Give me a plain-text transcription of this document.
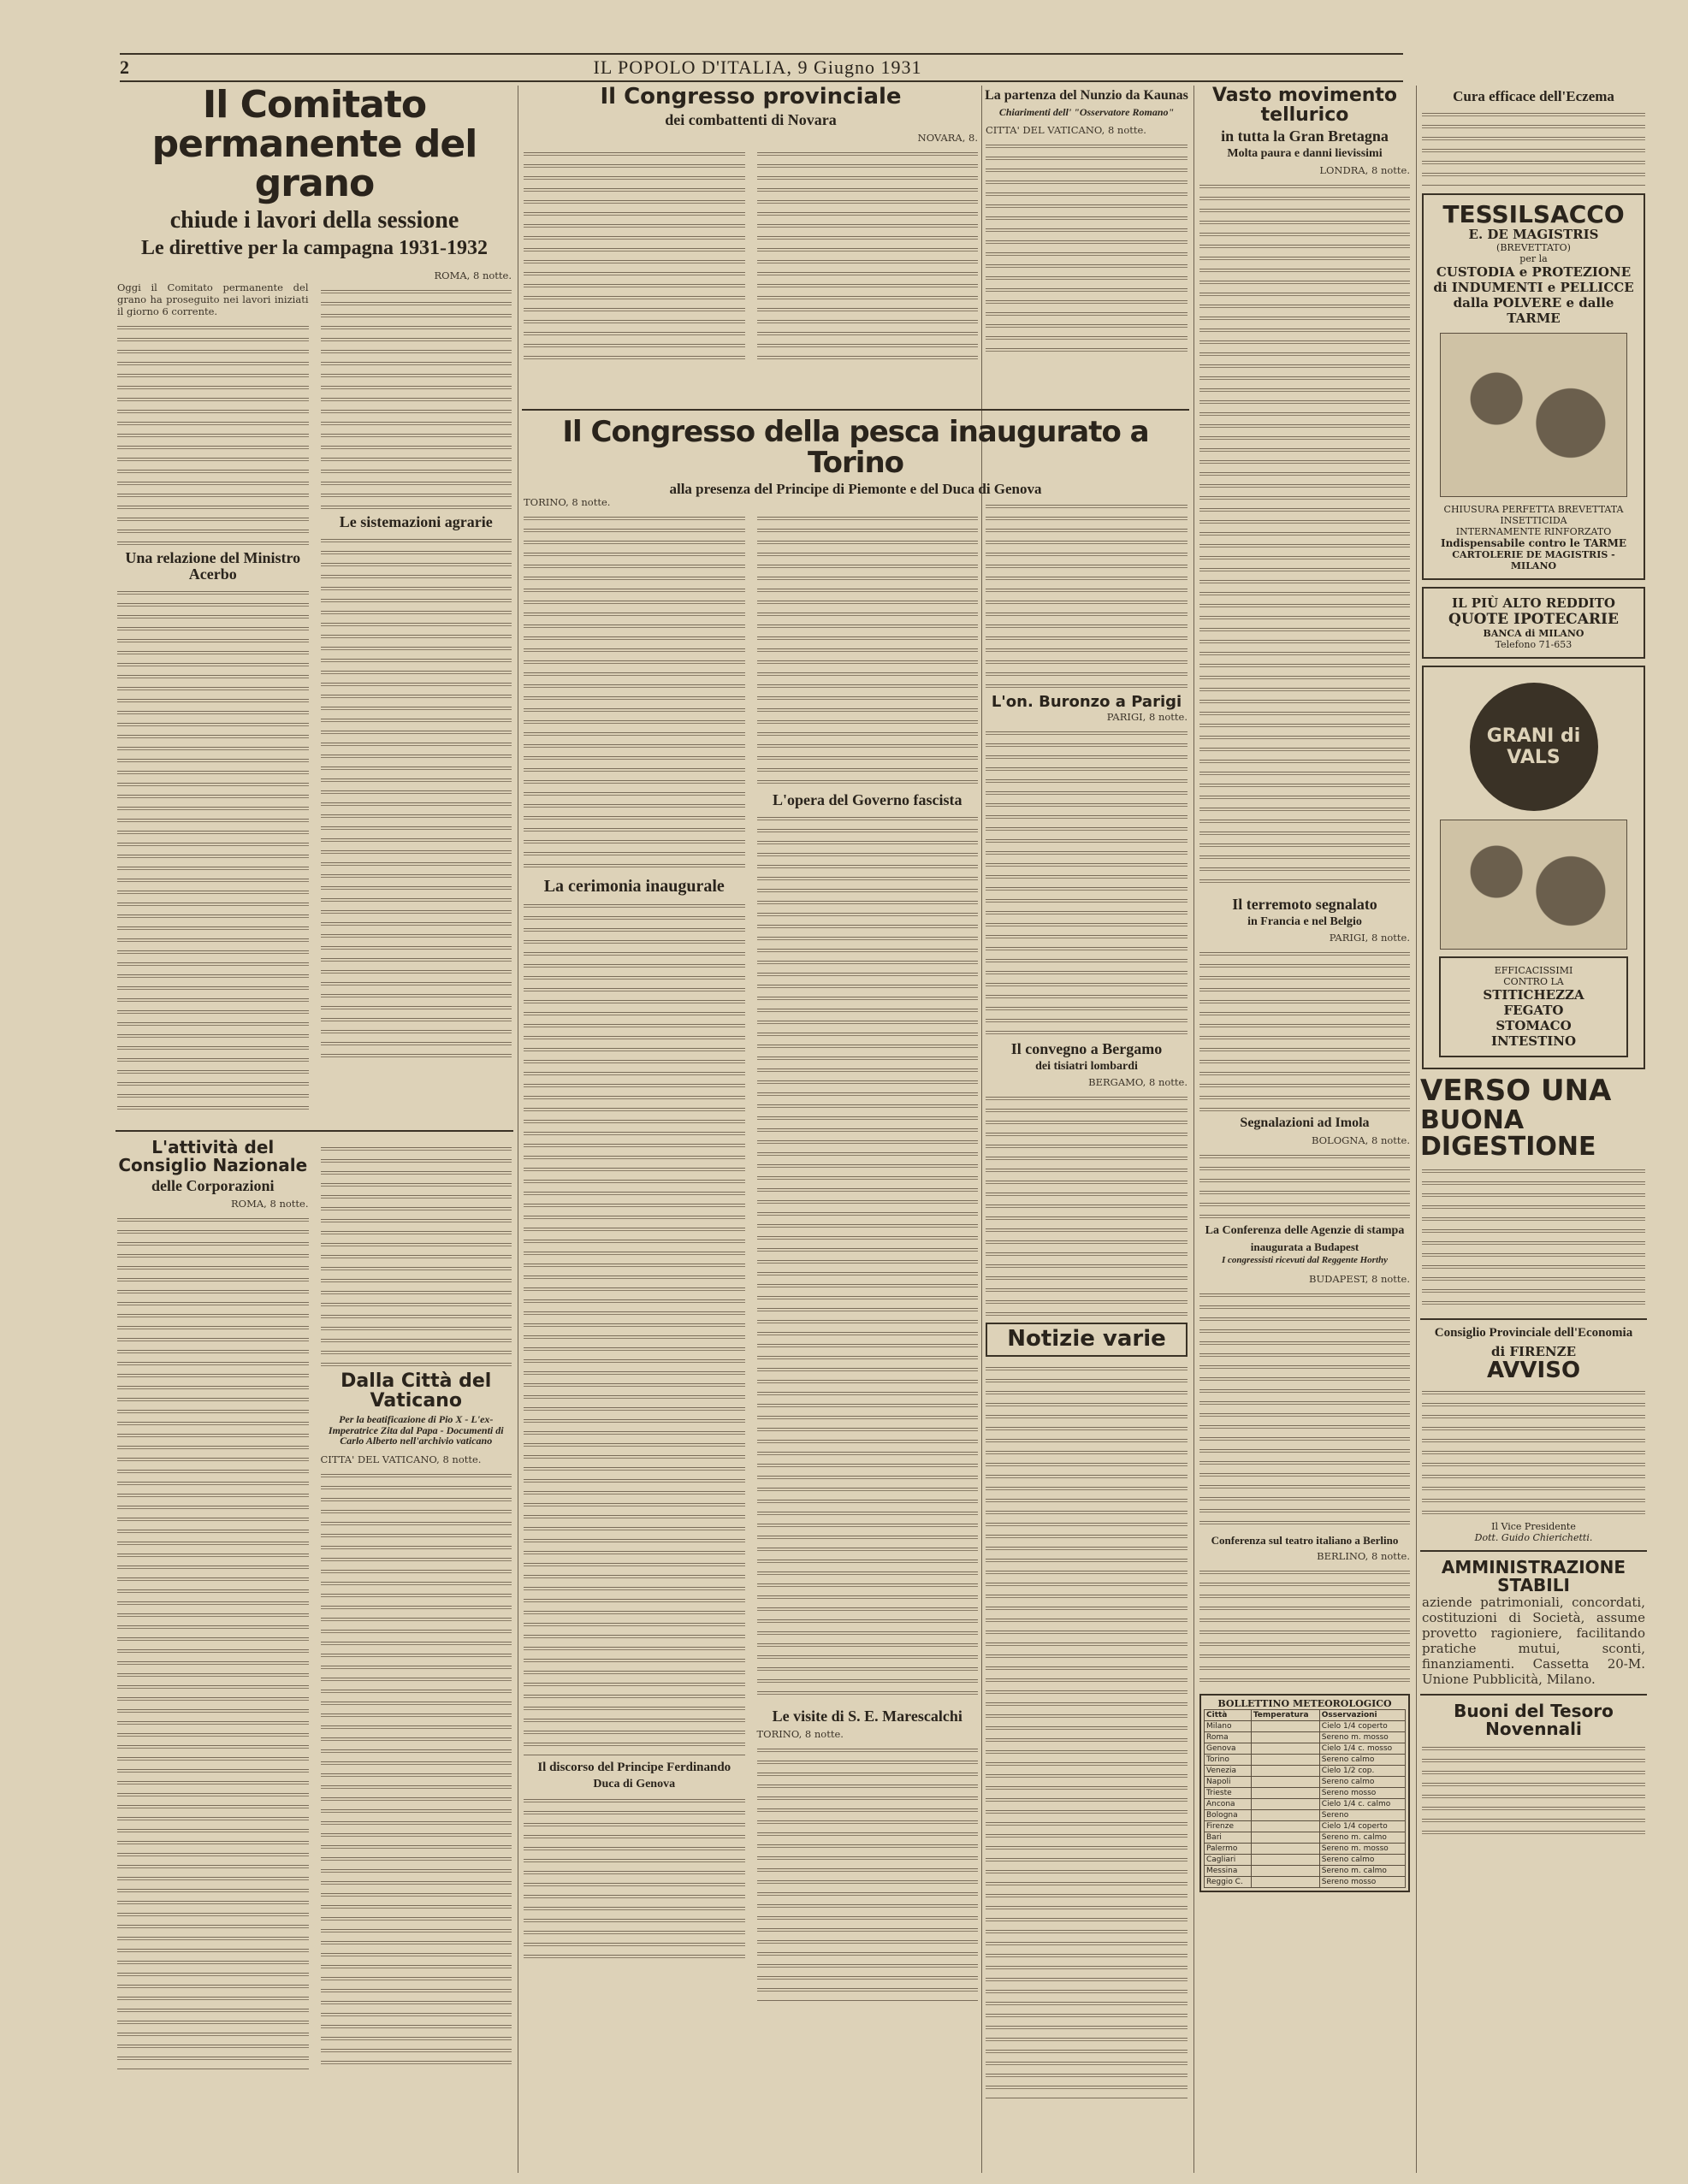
2	IL POPOLO D'ITALIA, 9 Giugno 1931
Il Comitato permanente del grano
chiude i lavori della sessione
Le direttive per la campagna 1931-1932
ROMA, 8 notte.

Oggi il Comitato permanente del grano ha proseguito nei lavori iniziati il giorno 6 corrente.

Una relazione del Ministro Acerbo
Le sistemazioni agrarie
L'attività del Consiglio Nazionale
delle Corporazioni
ROMA, 8 notte.
Dalla Città del Vaticano
Per la beatificazione di Pio X - L'ex-Imperatrice Zita dal Papa - Documenti di Carlo Alberto nell'archivio vaticano
CITTA' DEL VATICANO, 8 notte.
Il Congresso provinciale
dei combattenti di Novara
NOVARA, 8.
La partenza del Nunzio da Kaunas
Chiarimenti dell' "Osservatore Romano"
CITTA' DEL VATICANO, 8 notte.
Il Congresso della pesca inaugurato a Torino
alla presenza del Principe di Piemonte e del Duca di Genova
TORINO, 8 notte.
La cerimonia inaugurale
Il discorso del Principe Ferdinando
Duca di Genova
L'opera del Governo fascista
Le visite di S. E. Marescalchi
TORINO, 8 notte.
L'on. Buronzo a Parigi
PARIGI, 8 notte.
Il convegno a Bergamo
dei tisiatri lombardi
BERGAMO, 8 notte.
Notizie varie
Vasto movimento tellurico
in tutta la Gran Bretagna
Molta paura e danni lievissimi
LONDRA, 8 notte.
Il terremoto segnalato
in Francia e nel Belgio
PARIGI, 8 notte.
Segnalazioni ad Imola
BOLOGNA, 8 notte.
La Conferenza delle Agenzie di stampa
inaugurata a Budapest
I congressisti ricevuti dal Reggente Horthy
BUDAPEST, 8 notte.
Conferenza sul teatro italiano a Berlino
BERLINO, 8 notte.
BOLLETTINO METEOROLOGICO
Città	Temperatura	Osservazioni
Milano		Cielo 1/4 coperto
Roma		Sereno m. mosso
Genova		Cielo 1/4 c. mosso
Torino		Sereno calmo
Venezia		Cielo 1/2 cop.
Napoli		Sereno calmo
Trieste		Sereno mosso
Ancona		Cielo 1/4 c. calmo
Bologna		Sereno
Firenze		Cielo 1/4 coperto
Bari		Sereno m. calmo
Palermo		Sereno m. mosso
Cagliari		Sereno calmo
Messina		Sereno m. calmo
Reggio C.		Sereno mosso
Cura efficace dell'Eczema
TESSILSACCO
E. DE MAGISTRIS
(BREVETTATO)
per la
CUSTODIA e PROTEZIONE
di INDUMENTI e PELLICCE
dalla POLVERE e dalle TARME
CHIUSURA PERFETTA BREVETTATA
INSETTICIDA
INTERNAMENTE RINFORZATO
Indispensabile contro le TARME
CARTOLERIE DE MAGISTRIS - MILANO
IL PIÙ ALTO REDDITO
QUOTE IPOTECARIE
BANCA di MILANO
Telefono 71-653
GRANI di VALS
EFFICACISSIMI
CONTRO LA
STITICHEZZA
FEGATO
STOMACO
INTESTINO
VERSO UNA
BUONA DIGESTIONE
Consiglio Provinciale dell'Economia
di FIRENZE
AVVISO
Il Vice Presidente
Dott. Guido Chierichetti.
AMMINISTRAZIONE STABILI

aziende patrimoniali, concordati, costituzioni di Società, assume provetto ragioniere, facilitando pratiche mutui, sconti, finanziamenti. Cassetta 20-M. Unione Pubblicità, Milano.

Buoni del Tesoro Novennali
